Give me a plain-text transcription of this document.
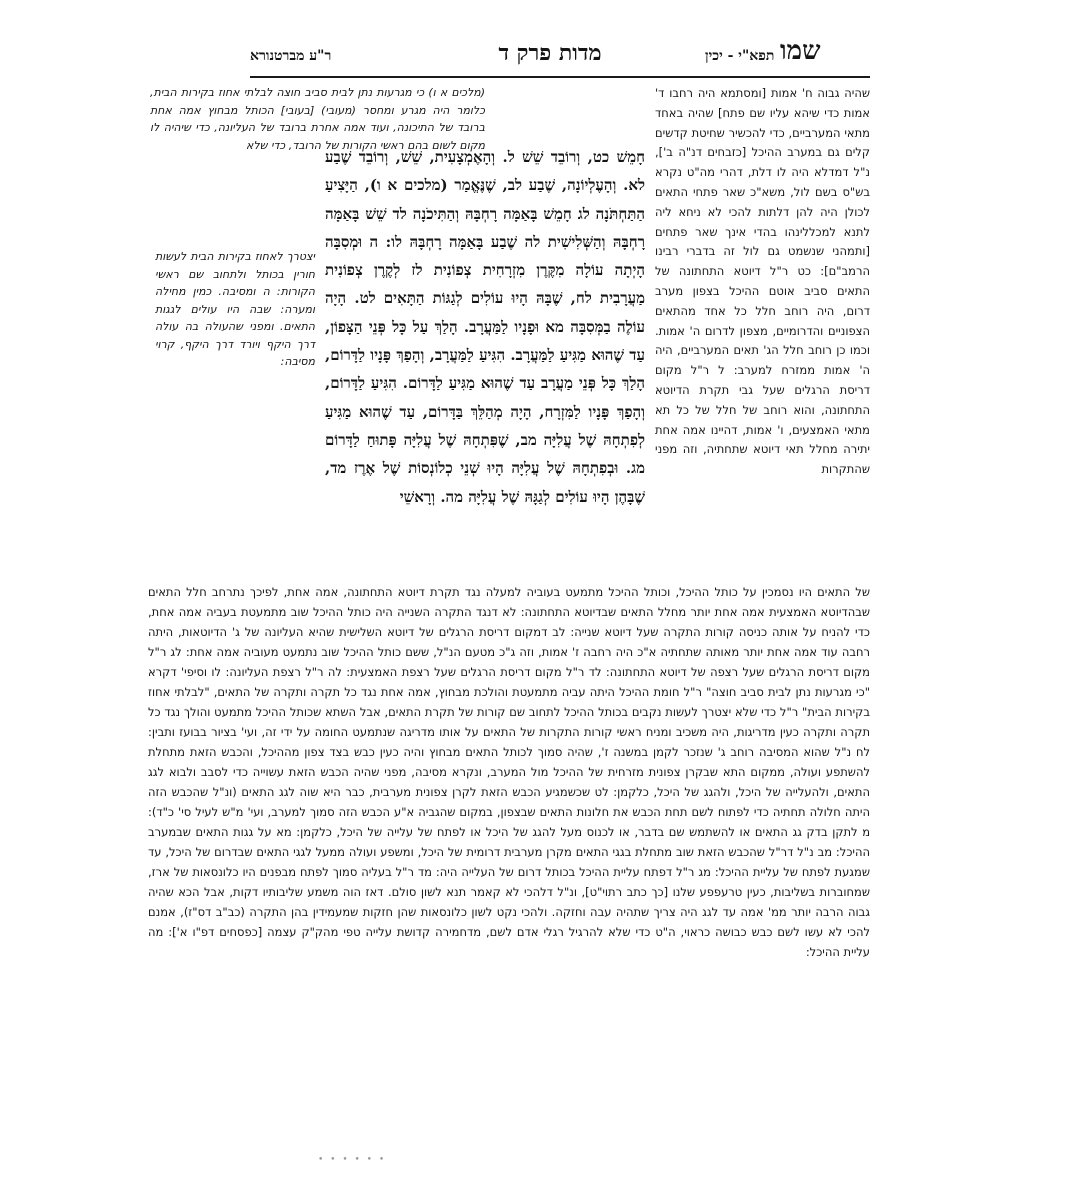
ר"ע מברטנורא	מדות פרק ד	תפא"י - יכין שמו

(מלכים א ו) כי מגרעות נתן לבית סביב חוצה לבלתי אחוז בקירות הבית, כלומר היה מגרע ומחסר (מעובי) [בעובי] הכותל מבחוץ אמה אחת ברובד של התיכונה, ועוד אמה אחרת ברובד של העליונה, כדי שיהיה לו מקום לשום בהם ראשי הקורות של הרובד, כדי שלא

יצטרך לאחוז בקירות הבית לעשות חורין בכותל ולתחוב שם ראשי הקורות: ה ומסיבה. כמין מחילה ומערה: שבה היו עולים לגגות התאים. ומפני שהעולה בה עולה דרך היקף ויורד דרך היקף, קרוי מסיבה:

חָמֵשׁ כט, וְרוֹבֵד שֵׁשׁ ל. וְהָאֶמְצָעִית, שֵׁשׁ, וְרוֹבֵד שֶׁבַע לא. וְהָעֶלְיוֹנָה, שֶׁבַע לב, שֶׁנֶּאֱמַר (מלכים א ו), הַיָּצִיעַ הַתַּחְתֹּנָה לג חָמֵשׁ בָּאַמָּה רָחְבָּהּ וְהַתִּיכֹנָה לד שֵׁשׁ בָּאַמָּה רָחְבָּהּ וְהַשְּׁלִישִׁית לה שֶׁבַע בָּאַמָּה רָחְבָּהּ לו: ה וּמְסִבָּה הָיְתָה עוֹלָה מִקֶּרֶן מִזְרָחִית צְפוֹנִית לז לְקֶרֶן צְפוֹנִית מַעֲרָבִית לח, שֶׁבָּהּ הָיוּ עוֹלִים לְגַגּוֹת הַתָּאִים לט. הָיָה עוֹלֶה בַמְּסִבָּה מא וּפָנָיו לַמַּעֲרָב. הָלַךְ עַל כָּל פְּנֵי הַצָּפוֹן, עַד שֶׁהוּא מַגִּיעַ לַמַּעֲרָב. הִגִּיעַ לַמַּעֲרָב, וְהָפַךְ פָּנָיו לַדָּרוֹם, הָלַךְ כָּל פְּנֵי מַעֲרָב עַד שֶׁהוּא מַגִּיעַ לַדָּרוֹם. הִגִּיעַ לַדָּרוֹם, וְהָפַךְ פָּנָיו לַמִּזְרָח, הָיָה מְהַלֵּךְ בַּדָּרוֹם, עַד שֶׁהוּא מַגִּיעַ לְפִתְחָהּ שֶׁל עֲלִיָּה מב, שֶׁפִּתְחָהּ שֶׁל עֲלִיָּה פָּתוּחַ לַדָּרוֹם מג. וּבְפִתְחָהּ שֶׁל עֲלִיָּה הָיוּ שְׁנֵי כְלוֹנְסוֹת שֶׁל אֶרֶז מד, שֶׁבָּהֶן הָיוּ עוֹלִים לְגַגָּהּ שֶׁל עֲלִיָּה מה. וְרָאשֵׁי

שהיה גבוה ח' אמות [ומסתמא היה רחבו ד' אמות כדי שיהא עליו שם פתח] שהיה באחד מתאי המערביים, כדי להכשיר שחיטת קדשים קלים גם במערב ההיכל [כזבחים דנ"ה ב'], נ"ל דמדלא היה לו דלת, דהרי מה"ט נקרא בש"ס בשם לול, משא"כ שאר פתחי התאים לכולן היה להן דלתות להכי לא ניחא ליה לתנא למכללינהו בהדי אינך שאר פתחים [ותמהני שנשמט גם לול זה בדברי רבינו הרמב"ם]: כט ר"ל דיוטא התחתונה של התאים סביב אוטם ההיכל בצפון מערב דרום, היה רוחב חלל כל אחד מהתאים הצפוניים והדרומיים, מצפון לדרום ה' אמות. וכמו כן רוחב חלל הג' תאים המערביים, היה ה' אמות ממזרח למערב: ל ר"ל מקום דריסת הרגלים שעל גבי תקרת הדיוטא התחתונה, והוא רוחב של חלל של כל תא מתאי האמצעים, ו' אמות, דהיינו אמה אחת יתירה מחלל תאי דיוטא שתחתיה, וזה מפני שהתקרות

של התאים היו נסמכין על כותל ההיכל, וכותל ההיכל מתמעט בעוביה למעלה נגד תקרת דיוטא התחתונה, אמה אחת, לפיכך נתרחב חלל התאים שבהדיוטא האמצעית אמה אחת יותר מחלל התאים שבדיוטא התחתונה: לא דנגד התקרה השנייה היה כותל ההיכל שוב מתמעטת בעביה אמה אחת, כדי להניח על אותה כניסה קורות התקרה שעל דיוטא שנייה: לב דמקום דריסת הרגלים של דיוטא השלישית שהיא העליונה של ג' הדיוטאות, היתה רחבה עוד אמה אחת יותר מאותה שתחתיה א"כ היה רחבה ז' אמות, וזה ג"כ מטעם הנ"ל, ששם כותל ההיכל שוב נתמעט מעוביה אמה אחת: לג ר"ל מקום דריסת הרגלים שעל רצפה של דיוטא התחתונה: לד ר"ל מקום דריסת הרגלים שעל רצפת האמצעית: לה ר"ל רצפת העליונה: לו וסיפי' דקרא "כי מגרעות נתן לבית סביב חוצה" ר"ל חומת ההיכל היתה עביה מתמעטת והולכת מבחוץ, אמה אחת נגד כל תקרה ותקרה של התאים, "לבלתי אחוז בקירות הבית" ר"ל כדי שלא יצטרך לעשות נקבים בכותל ההיכל לתחוב שם קורות של תקרת התאים, אבל השתא שכותל ההיכל מתמעט והולך נגד כל תקרה ותקרה כעין מדריגות, היה משכיב ומניח ראשי קורות התקרות של התאים על אותו מדריגה שנתמעט החומה על ידי זה, ועי' בציור בבועז ותבין: לח נ"ל שהוא המסיבה רוחב ג' שנזכר לקמן במשנה ז', שהיה סמוך לכותל התאים מבחוץ והיה כעין כבש בצד צפון מההיכל, והכבש הזאת מתחלת להשתפע ועולה, ממקום התא שבקרן צפונית מזרחית של ההיכל מול המערב, ונקרא מסיבה, מפני שהיה הכבש הזאת עשוייה כדי לסבב ולבוא לגג התאים, ולהעלייה של היכל, ולהגג של היכל, כלקמן: לט שכשמגיע הכבש הזאת לקרן צפונית מערבית, כבר היא שוה לגג התאים (ונ"ל שהכבש הזה היתה חלולה תחתיה כדי לפתוח לשם תחת הכבש את חלונות התאים שבצפון, במקום שהגביה א"ע הכבש הזה סמוך למערב, ועי' מ"ש לעיל סי' כ"ד): מ לתקן בדק גג התאים או להשתמש שם בדבר, או לכנוס מעל להגג של היכל או לפתח של עלייה של היכל, כלקמן: מא על גגות התאים שבמערב ההיכל: מב נ"ל דר"ל שהכבש הזאת שוב מתחלת בגגי התאים מקרן מערבית דרומית של היכל, ומשפע ועולה ממעל לגגי התאים שבדרום של היכל, עד שמגעת לפתח של עליית ההיכל: מג ר"ל דפתח עליית ההיכל בכותל דרום של העלייה היה: מד ר"ל בעליה סמוך לפתח מבפנים היו כלונסאות של ארז, שמחוברות בשליבות, כעין טרעפפע שלנו [כך כתב רתוי"ט], ונ"ל דלהכי לא קאמר תנא לשון סולם. דאז הוה משמע שליבותיו דקות, אבל הכא שהיה גבוה הרבה יותר ממ' אמה עד לגג היה צריך שתהיה עבה וחזקה. ולהכי נקט לשון כלונסאות שהן חזקות שמעמידין בהן התקרה (כב"ב דס"ז), אמנם להכי לא עשו לשם כבש כבושה כראוי, ה"ט כדי שלא להרגיל רגלי אדם לשם, מדחמירה קדושת עלייה טפי מהק"ק עצמה [כפסחים דפ"ו א']: מה עליית ההיכל:

• • • • • •
